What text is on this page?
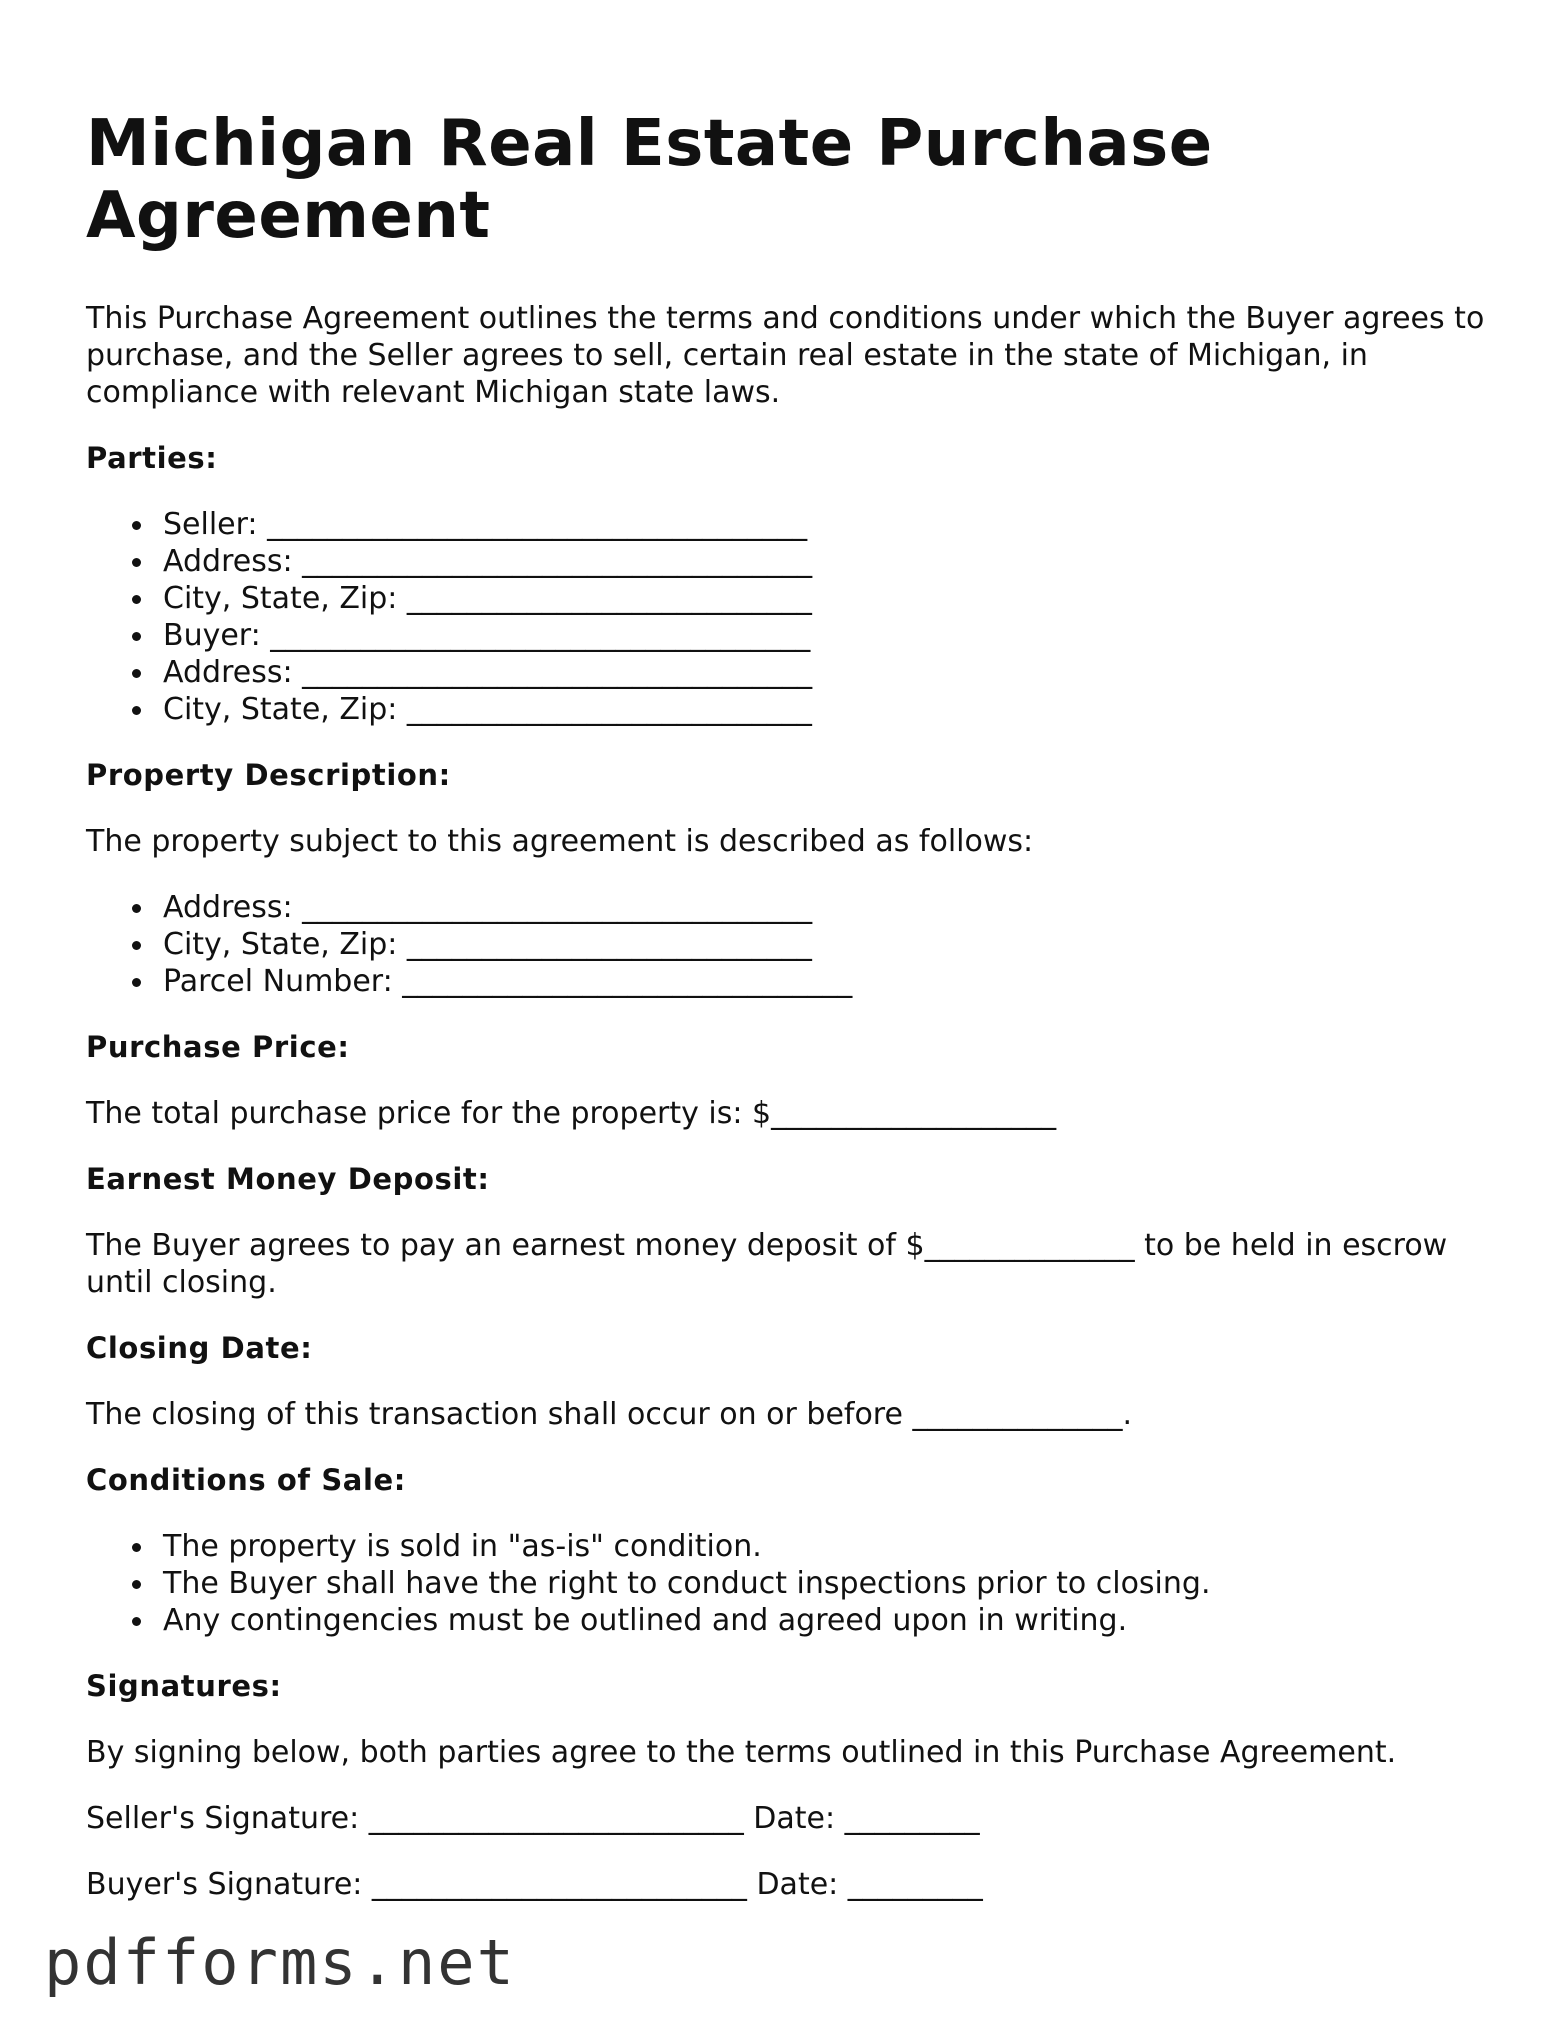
Michigan Real Estate Purchase Agreement

This Purchase Agreement outlines the terms and conditions under which the Buyer agrees to purchase, and the Seller agrees to sell, certain real estate in the state of Michigan, in compliance with relevant Michigan state laws.

Parties:
Seller: ____________________________________
Address: __________________________________
City, State, Zip: ___________________________
Buyer: ____________________________________
Address: __________________________________
City, State, Zip: ___________________________
Property Description:

The property subject to this agreement is described as follows:

Address: __________________________________
City, State, Zip: ___________________________
Parcel Number: ______________________________
Purchase Price:

The total purchase price for the property is: $___________________

Earnest Money Deposit:

The Buyer agrees to pay an earnest money deposit of $______________ to be held in escrow until closing.

Closing Date:

The closing of this transaction shall occur on or before ______________.

Conditions of Sale:
The property is sold in "as-is" condition.
The Buyer shall have the right to conduct inspections prior to closing.
Any contingencies must be outlined and agreed upon in writing.
Signatures:

By signing below, both parties agree to the terms outlined in this Purchase Agreement.

Seller's Signature: _________________________ Date: _________

Buyer's Signature: _________________________ Date: _________

pdfforms.net
